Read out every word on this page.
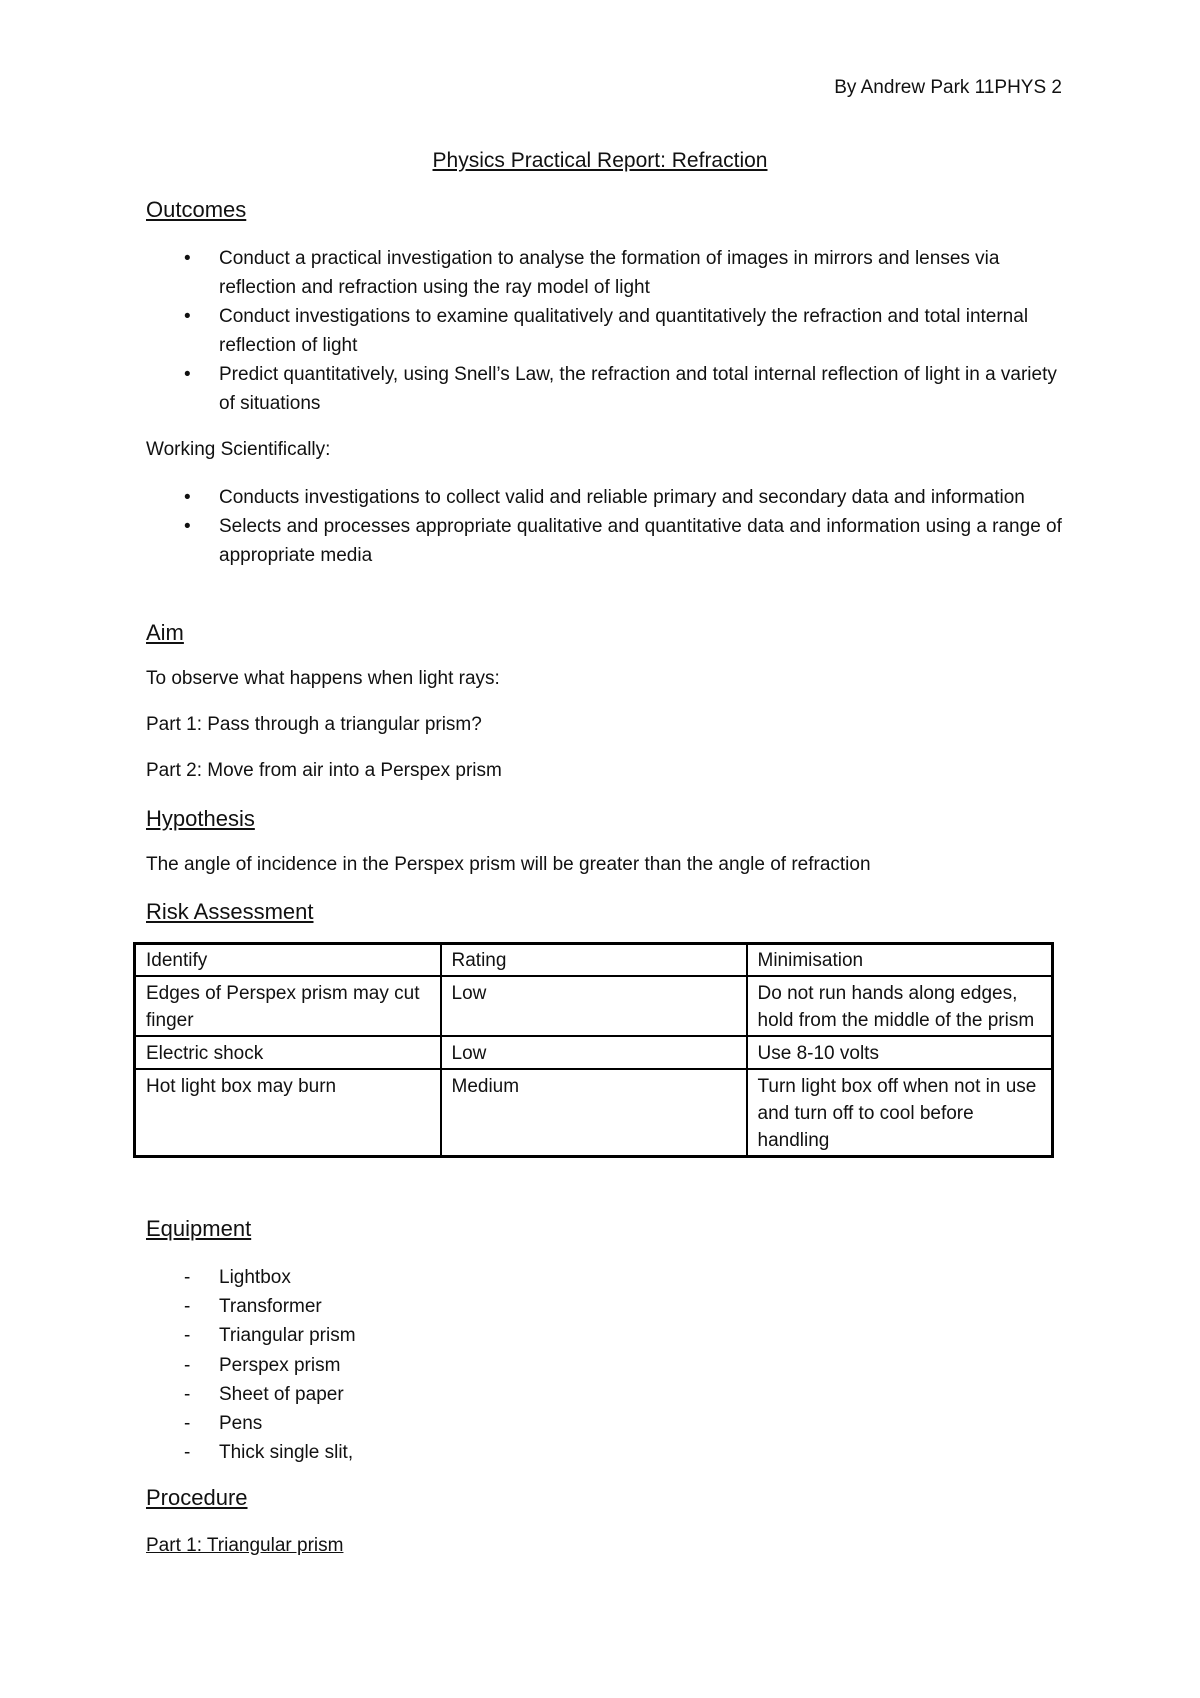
By Andrew Park 11PHYS 2
Physics Practical Report: Refraction
Outcomes
• Conduct a practical investigation to analyse the formation of images in mirrors and lenses via reflection and refraction using the ray model of light
• Conduct investigations to examine qualitatively and quantitatively the refraction and total internal reflection of light
• Predict quantitatively, using Snell’s Law, the refraction and total internal reflection of light in a variety of situations
Working Scientifically:
• Conducts investigations to collect valid and reliable primary and secondary data and information
• Selects and processes appropriate qualitative and quantitative data and information using a range of appropriate media
Aim
To observe what happens when light rays:
Part 1: Pass through a triangular prism?
Part 2: Move from air into a Perspex prism
Hypothesis
The angle of incidence in the Perspex prism will be greater than the angle of refraction
Risk Assessment
Identify	Rating	Minimisation
Edges of Perspex prism may cut finger	Low	Do not run hands along edges, hold from the middle of the prism
Electric shock	Low	Use 8-10 volts
Hot light box may burn	Medium	Turn light box off when not in use and turn off to cool before handling
Equipment
- Lightbox
- Transformer
- Triangular prism
- Perspex prism
- Sheet of paper
- Pens
- Thick single slit,
Procedure
Part 1: Triangular prism
